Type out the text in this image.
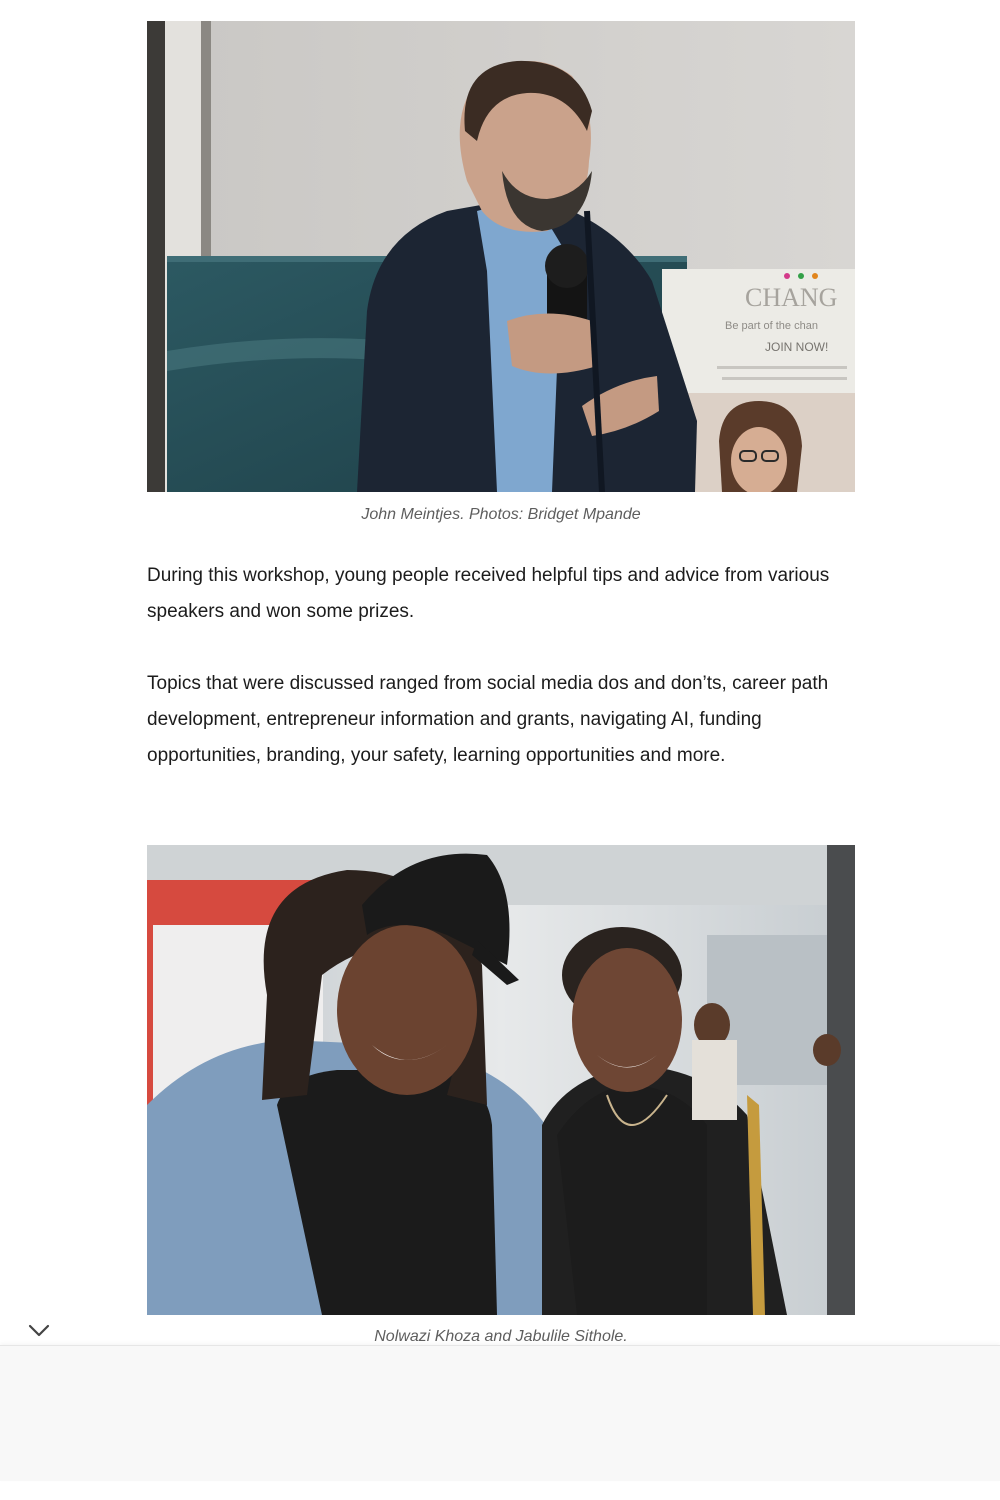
CHANG
Be part of the chan
JOIN NOW!

John Meintjes. Photos: Bridget Mpande

During this workshop, young people received helpful tips and advice from various speakers and won some prizes.

Topics that were discussed ranged from social media dos and don’ts, career path development, entrepreneur information and grants, navigating AI, funding opportunities, branding, your safety, learning opportunities and more.

Nolwazi Khoza and Jabulile Sithole.
